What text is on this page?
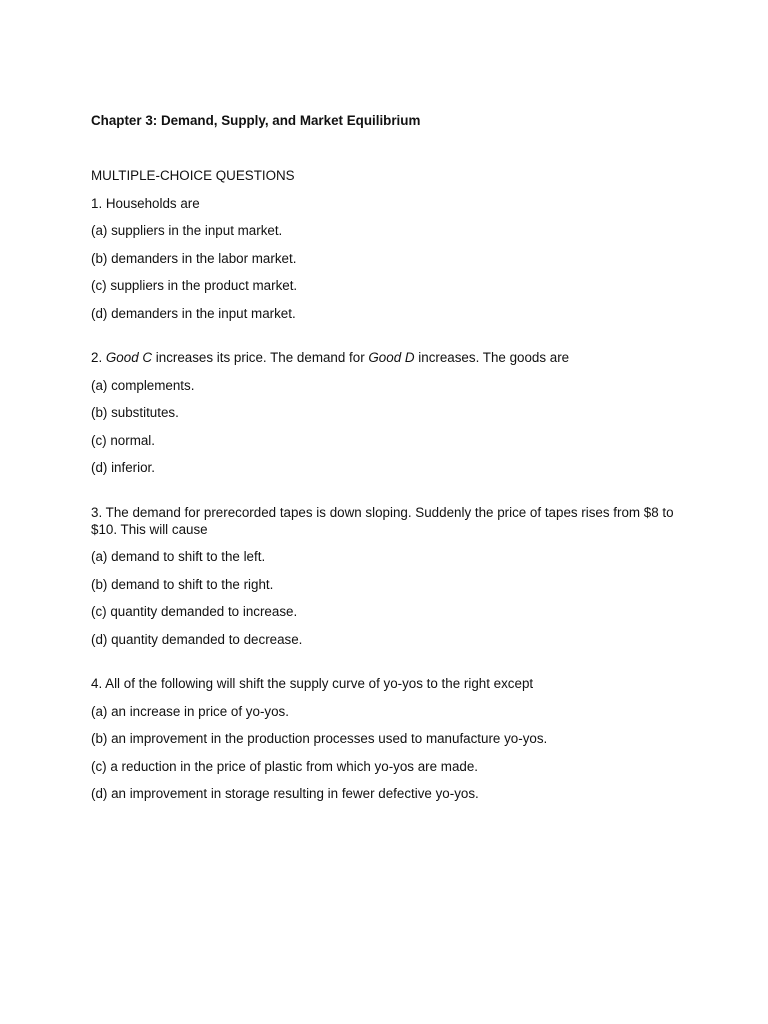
Chapter 3: Demand, Supply, and Market Equilibrium
MULTIPLE-CHOICE QUESTIONS
1. Households are
(a) suppliers in the input market.
(b) demanders in the labor market.
(c) suppliers in the product market.
(d) demanders in the input market.
2. Good C increases its price. The demand for Good D increases. The goods are
(a) complements.
(b) substitutes.
(c) normal.
(d) inferior.
3. The demand for prerecorded tapes is down sloping. Suddenly the price of tapes rises from $8 to $10. This will cause
(a) demand to shift to the left.
(b) demand to shift to the right.
(c) quantity demanded to increase.
(d) quantity demanded to decrease.
4. All of the following will shift the supply curve of yo-yos to the right except
(a) an increase in price of yo-yos.
(b) an improvement in the production processes used to manufacture yo-yos.
(c) a reduction in the price of plastic from which yo-yos are made.
(d) an improvement in storage resulting in fewer defective yo-yos.
